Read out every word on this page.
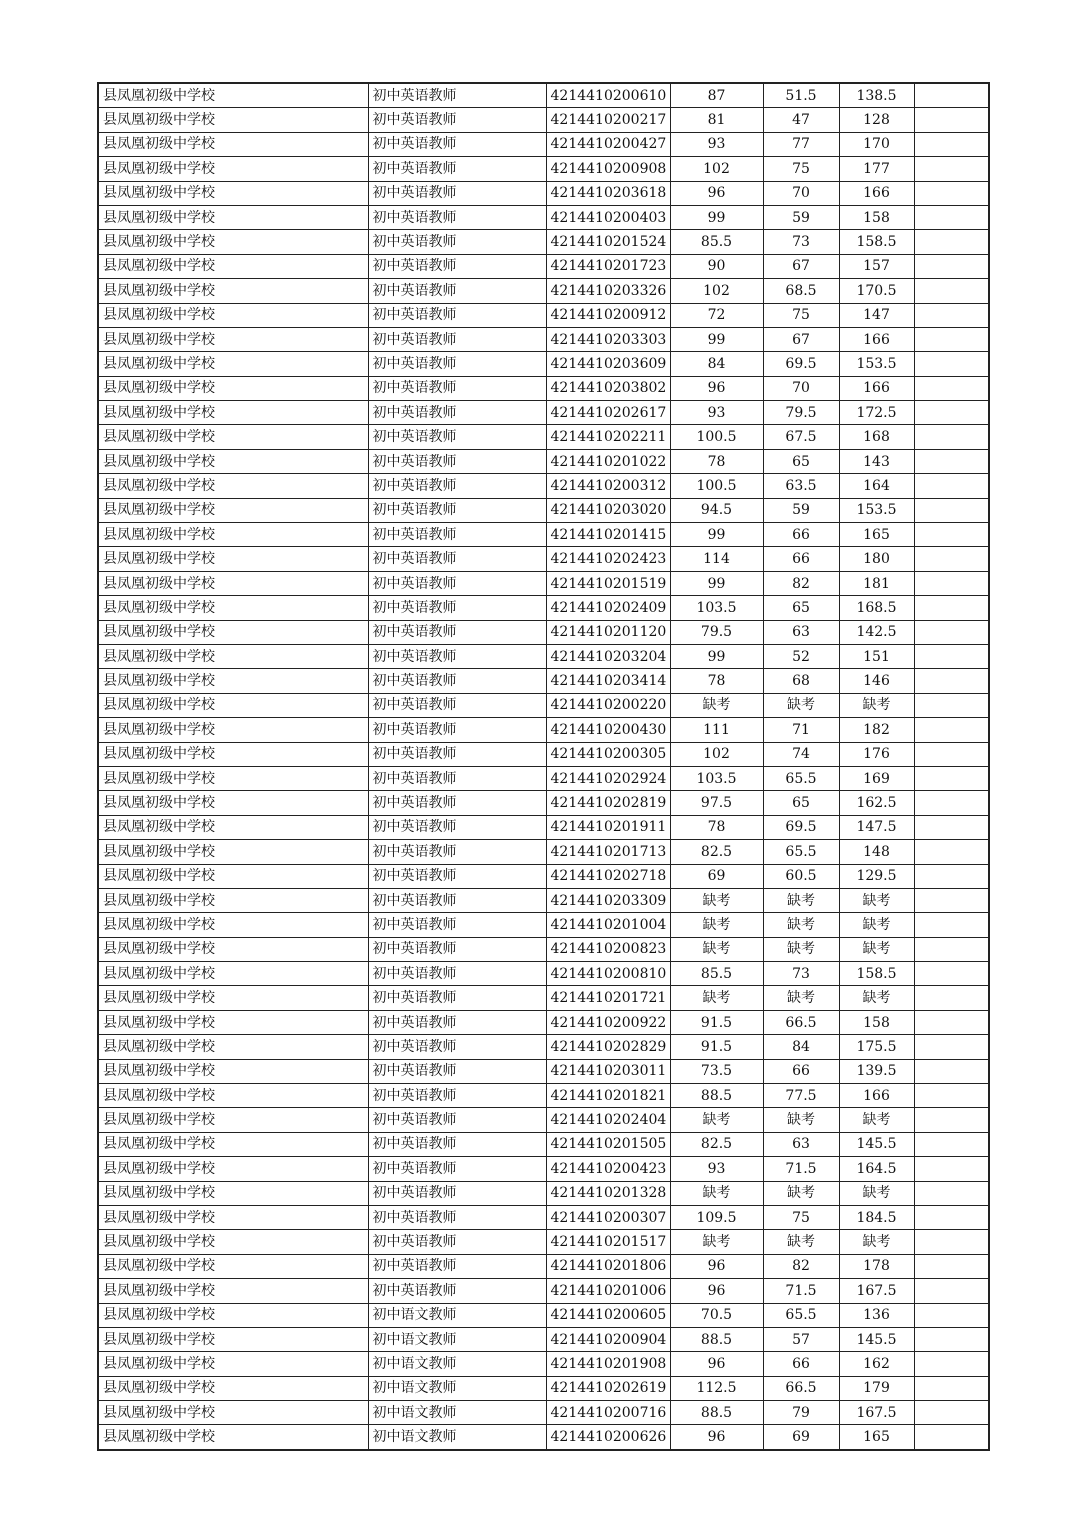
县凤凰初级中学校	初中英语教师	4214410200610	87	51.5	138.5	
县凤凰初级中学校	初中英语教师	4214410200217	81	47	128	
县凤凰初级中学校	初中英语教师	4214410200427	93	77	170	
县凤凰初级中学校	初中英语教师	4214410200908	102	75	177	
县凤凰初级中学校	初中英语教师	4214410203618	96	70	166	
县凤凰初级中学校	初中英语教师	4214410200403	99	59	158	
县凤凰初级中学校	初中英语教师	4214410201524	85.5	73	158.5	
县凤凰初级中学校	初中英语教师	4214410201723	90	67	157	
县凤凰初级中学校	初中英语教师	4214410203326	102	68.5	170.5	
县凤凰初级中学校	初中英语教师	4214410200912	72	75	147	
县凤凰初级中学校	初中英语教师	4214410203303	99	67	166	
县凤凰初级中学校	初中英语教师	4214410203609	84	69.5	153.5	
县凤凰初级中学校	初中英语教师	4214410203802	96	70	166	
县凤凰初级中学校	初中英语教师	4214410202617	93	79.5	172.5	
县凤凰初级中学校	初中英语教师	4214410202211	100.5	67.5	168	
县凤凰初级中学校	初中英语教师	4214410201022	78	65	143	
县凤凰初级中学校	初中英语教师	4214410200312	100.5	63.5	164	
县凤凰初级中学校	初中英语教师	4214410203020	94.5	59	153.5	
县凤凰初级中学校	初中英语教师	4214410201415	99	66	165	
县凤凰初级中学校	初中英语教师	4214410202423	114	66	180	
县凤凰初级中学校	初中英语教师	4214410201519	99	82	181	
县凤凰初级中学校	初中英语教师	4214410202409	103.5	65	168.5	
县凤凰初级中学校	初中英语教师	4214410201120	79.5	63	142.5	
县凤凰初级中学校	初中英语教师	4214410203204	99	52	151	
县凤凰初级中学校	初中英语教师	4214410203414	78	68	146	
县凤凰初级中学校	初中英语教师	4214410200220	缺考	缺考	缺考	
县凤凰初级中学校	初中英语教师	4214410200430	111	71	182	
县凤凰初级中学校	初中英语教师	4214410200305	102	74	176	
县凤凰初级中学校	初中英语教师	4214410202924	103.5	65.5	169	
县凤凰初级中学校	初中英语教师	4214410202819	97.5	65	162.5	
县凤凰初级中学校	初中英语教师	4214410201911	78	69.5	147.5	
县凤凰初级中学校	初中英语教师	4214410201713	82.5	65.5	148	
县凤凰初级中学校	初中英语教师	4214410202718	69	60.5	129.5	
县凤凰初级中学校	初中英语教师	4214410203309	缺考	缺考	缺考	
县凤凰初级中学校	初中英语教师	4214410201004	缺考	缺考	缺考	
县凤凰初级中学校	初中英语教师	4214410200823	缺考	缺考	缺考	
县凤凰初级中学校	初中英语教师	4214410200810	85.5	73	158.5	
县凤凰初级中学校	初中英语教师	4214410201721	缺考	缺考	缺考	
县凤凰初级中学校	初中英语教师	4214410200922	91.5	66.5	158	
县凤凰初级中学校	初中英语教师	4214410202829	91.5	84	175.5	
县凤凰初级中学校	初中英语教师	4214410203011	73.5	66	139.5	
县凤凰初级中学校	初中英语教师	4214410201821	88.5	77.5	166	
县凤凰初级中学校	初中英语教师	4214410202404	缺考	缺考	缺考	
县凤凰初级中学校	初中英语教师	4214410201505	82.5	63	145.5	
县凤凰初级中学校	初中英语教师	4214410200423	93	71.5	164.5	
县凤凰初级中学校	初中英语教师	4214410201328	缺考	缺考	缺考	
县凤凰初级中学校	初中英语教师	4214410200307	109.5	75	184.5	
县凤凰初级中学校	初中英语教师	4214410201517	缺考	缺考	缺考	
县凤凰初级中学校	初中英语教师	4214410201806	96	82	178	
县凤凰初级中学校	初中英语教师	4214410201006	96	71.5	167.5	
县凤凰初级中学校	初中语文教师	4214410200605	70.5	65.5	136	
县凤凰初级中学校	初中语文教师	4214410200904	88.5	57	145.5	
县凤凰初级中学校	初中语文教师	4214410201908	96	66	162	
县凤凰初级中学校	初中语文教师	4214410202619	112.5	66.5	179	
县凤凰初级中学校	初中语文教师	4214410200716	88.5	79	167.5	
县凤凰初级中学校	初中语文教师	4214410200626	96	69	165	
